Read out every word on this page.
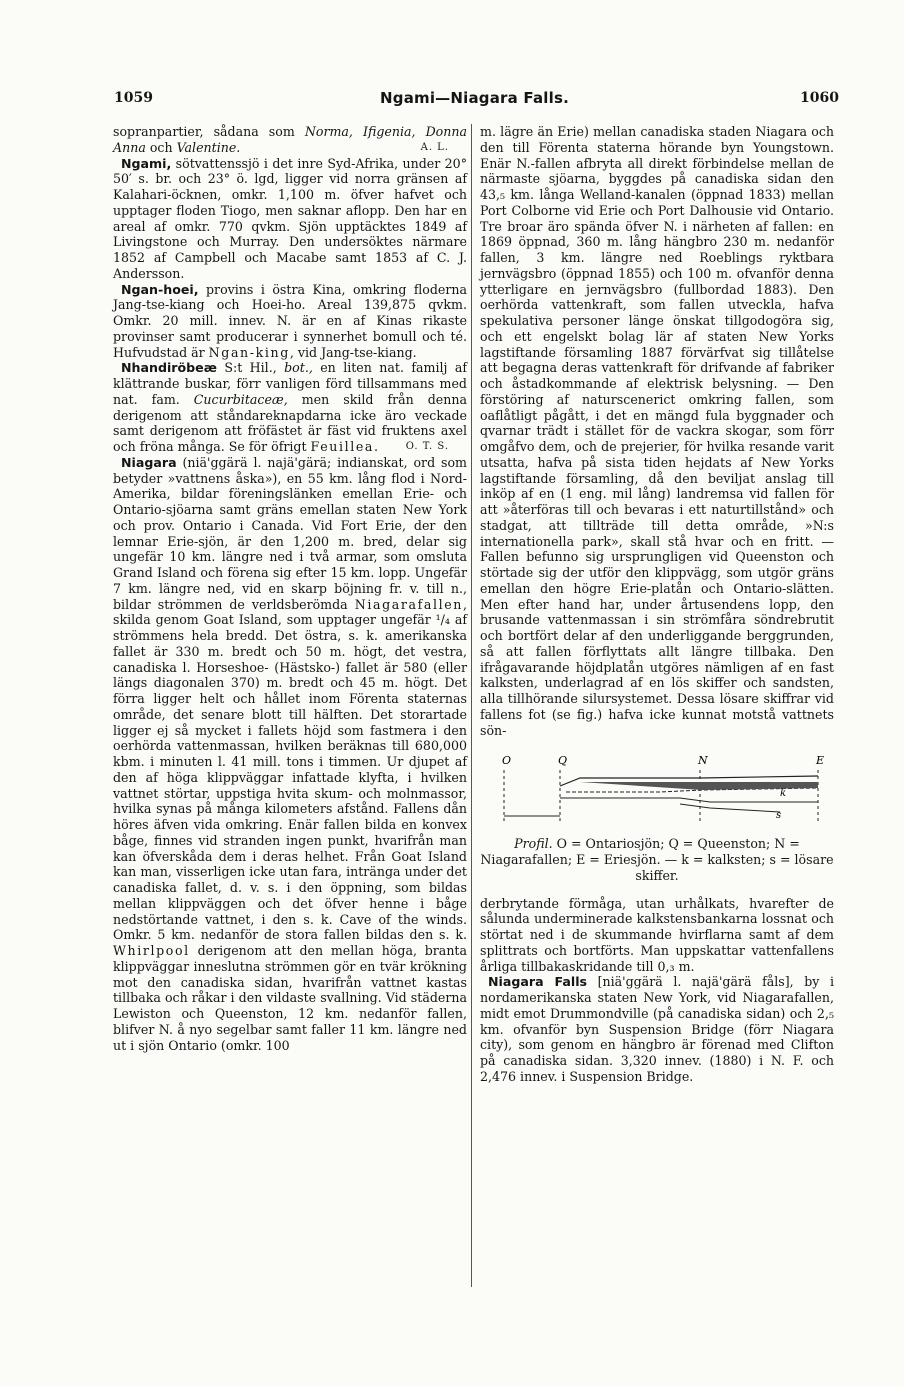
1059	Ngami—Niagara Falls.	1060

sopranpartier, sådana som Norma, Ifigenia, Donna Anna och Valentine.	A. L.

Ngami, sötvattenssjö i det inre Syd-Afrika, under 20° 50′ s. br. och 23° ö. lgd, ligger vid norra gränsen af Kalahari-öcknen, omkr. 1,100 m. öfver hafvet och upptager floden Tiogo, men saknar aflopp. Den har en areal af omkr. 770 qvkm. Sjön upptäcktes 1849 af Livingstone och Murray. Den undersöktes närmare 1852 af Campbell och Macabe samt 1853 af C. J. Andersson.

Ngan-hoei, provins i östra Kina, omkring floderna Jang-tse-kiang och Hoei-ho. Areal 139,875 qvkm. Omkr. 20 mill. innev. N. är en af Kinas rikaste provinser samt producerar i synnerhet bomull och té. Hufvudstad är Ngan-king, vid Jang-tse-kiang.

Nhandiröbeæ S:t Hil., bot., en liten nat. familj af klättrande buskar, förr vanligen förd tillsammans med nat. fam. Cucurbitaceæ, men skild från denna derigenom att ståndareknapdarna icke äro veckade samt derigenom att fröfästet är fäst vid fruktens axel och fröna många. Se för öfrigt Feuillea.	O. T. S.

Niagara (niä'ggärä l. najä'gärä; indianskat, ord som betyder »vattnens åska»), en 55 km. lång flod i Nord-Amerika, bildar föreningslänken emellan Erie- och Ontario-sjöarna samt gräns emellan staten New York och prov. Ontario i Canada. Vid Fort Erie, der den lemnar Erie-sjön, är den 1,200 m. bred, delar sig ungefär 10 km. längre ned i två armar, som omsluta Grand Island och förena sig efter 15 km. lopp. Ungefär 7 km. längre ned, vid en skarp böjning fr. v. till n., bildar strömmen de verldsberömda Niagarafallen, skilda genom Goat Island, som upptager ungefär ¹/₄ af strömmens hela bredd. Det östra, s. k. amerikanska fallet är 330 m. bredt och 50 m. högt, det vestra, canadiska l. Horseshoe- (Hästsko-) fallet är 580 (eller längs diagonalen 370) m. bredt och 45 m. högt. Det förra ligger helt och hållet inom Förenta staternas område, det senare blott till hälften. Det storartade ligger ej så mycket i fallets höjd som fastmera i den oerhörda vattenmassan, hvilken beräknas till 680,000 kbm. i minuten l. 41 mill. tons i timmen. Ur djupet af den af höga klippväggar infattade klyfta, i hvilken vattnet störtar, uppstiga hvita skum- och molnmassor, hvilka synas på många kilometers afstånd. Fallens dån höres äfven vida omkring. Enär fallen bilda en konvex båge, finnes vid stranden ingen punkt, hvarifrån man kan öfverskåda dem i deras helhet. Från Goat Island kan man, visserligen icke utan fara, intränga under det canadiska fallet, d. v. s. i den öppning, som bildas mellan klippväggen och det öfver henne i båge nedstörtande vattnet, i den s. k. Cave of the winds. Omkr. 5 km. nedanför de stora fallen bildas den s. k. Whirlpool derigenom att den mellan höga, branta klippväggar inneslutna strömmen gör en tvär krökning mot den canadiska sidan, hvarifrån vattnet kastas tillbaka och råkar i den vildaste svallning. Vid städerna Lewiston och Queenston, 12 km. nedanför fallen, blifver N. å nyo segelbar samt faller 11 km. längre ned ut i sjön Ontario (omkr. 100

m. lägre än Erie) mellan canadiska staden Niagara och den till Förenta staterna hörande byn Youngstown. Enär N.-fallen afbryta all direkt förbindelse mellan de närmaste sjöarna, byggdes på canadiska sidan den 43,₅ km. långa Welland-kanalen (öppnad 1833) mellan Port Colborne vid Erie och Port Dalhousie vid Ontario. Tre broar äro spända öfver N. i närheten af fallen: en 1869 öppnad, 360 m. lång hängbro 230 m. nedanför fallen, 3 km. längre ned Roeblings ryktbara jernvägsbro (öppnad 1855) och 100 m. ofvanför denna ytterligare en jernvägsbro (fullbordad 1883). Den oerhörda vattenkraft, som fallen utveckla, hafva spekulativa personer länge önskat tillgodogöra sig, och ett engelskt bolag lär af staten New Yorks lagstiftande församling 1887 förvärfvat sig tillåtelse att begagna deras vattenkraft för drifvande af fabriker och åstadkommande af elektrisk belysning. — Den förstöring af naturscenerict omkring fallen, som oaflåtligt pågått, i det en mängd fula byggnader och qvarnar trädt i stället för de vackra skogar, som förr omgåfvo dem, och de prejerier, för hvilka resande varit utsatta, hafva på sista tiden hejdats af New Yorks lagstiftande församling, då den beviljat anslag till inköp af en (1 eng. mil lång) landremsa vid fallen för att »återföras till och bevaras i ett naturtillstånd» och stadgat, att tillträde till detta område, »N:s internationella park», skall stå hvar och en fritt. — Fallen befunno sig ursprungligen vid Queenston och störtade sig der utför den klippvägg, som utgör gräns emellan den högre Erie-platån och Ontario-slätten. Men efter hand har, under årtusendens lopp, den brusande vattenmassan i sin strömfåra söndrebrutit och bortfört delar af den underliggande berggrunden, så att fallen förflyttats allt längre tillbaka. Den ifrågavarande höjdplatån utgöres nämligen af en fast kalksten, underlagrad af en lös skiffer och sandsten, alla tillhörande silursystemet. Dessa lösare skiffrar vid fallens fot (se fig.) hafva icke kunnat motstå vattnets sön-

O	Q	N	E
k
s
Profil. O = Ontariosjön; Q = Queenston; N = Niagarafallen; E = Eriesjön. — k = kalksten; s = lösare skiffer.

derbrytande förmåga, utan urhålkats, hvarefter de sålunda underminerade kalkstensbankarna lossnat och störtat ned i de skummande hvirflarna samt af dem splittrats och bortförts. Man uppskattar vattenfallens årliga tillbakaskridande till 0,₃ m.

Niagara Falls [niä'ggärä l. najä'gärä fåls], by i nordamerikanska staten New York, vid Niagarafallen, midt emot Drummondville (på canadiska sidan) och 2,₅ km. ofvanför byn Suspension Bridge (förr Niagara city), som genom en hängbro är förenad med Clifton på canadiska sidan. 3,320 innev. (1880) i N. F. och 2,476 innev. i Suspension Bridge.
